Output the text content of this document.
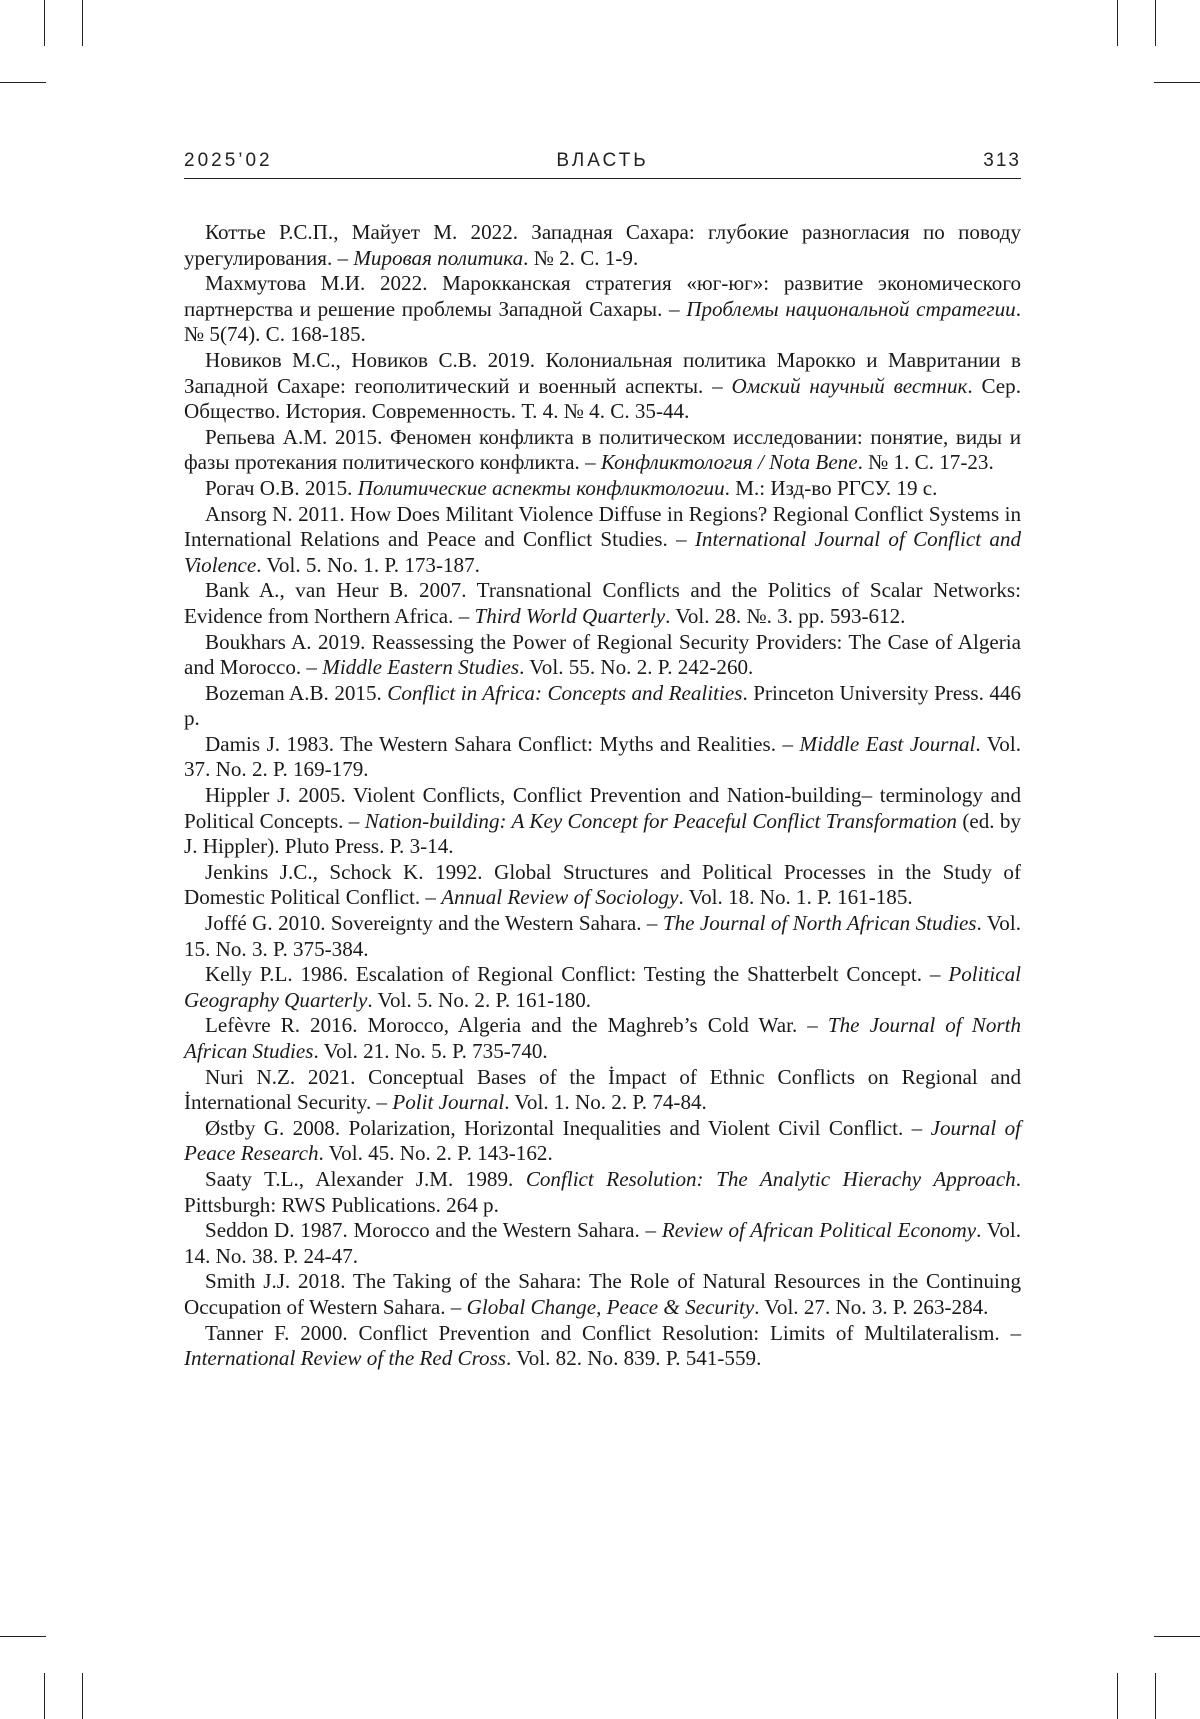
2025’02	ВЛАСТЬ	313

Коттье Р.С.П., Майует М. 2022. Западная Сахара: глубокие разногласия по поводу урегулирования. – Мировая политика. № 2. С. 1-9.

Махмутова М.И. 2022. Марокканская стратегия «юг-юг»: развитие экономического партнерства и решение проблемы Западной Сахары. – Проблемы национальной стратегии. № 5(74). С. 168-185.

Новиков М.С., Новиков С.В. 2019. Колониальная политика Марокко и Мавритании в Западной Сахаре: геополитический и военный аспекты. – Омский научный вестник. Сер. Общество. История. Современность. Т. 4. № 4. С. 35-44.

Репьева А.М. 2015. Феномен конфликта в политическом исследовании: понятие, виды и фазы протекания политического конфликта. – Конфликтология / Nota Bene. № 1. С. 17-23.

Рогач О.В. 2015. Политические аспекты конфликтологии. М.: Изд-во РГСУ. 19 с.

Ansorg N. 2011. How Does Militant Violence Diffuse in Regions? Regional Conflict Systems in International Relations and Peace and Conflict Studies. – International Journal of Conflict and Violence. Vol. 5. No. 1. P. 173-187.

Bank A., van Heur B. 2007. Transnational Conflicts and the Politics of Scalar Networks: Evidence from Northern Africa. – Third World Quarterly. Vol. 28. №. 3. pp. 593-612.

Boukhars A. 2019. Reassessing the Power of Regional Security Providers: The Case of Algeria and Morocco. – Middle Eastern Studies. Vol. 55. No. 2. P. 242-260.

Bozeman A.B. 2015. Conflict in Africa: Concepts and Realities. Princeton University Press. 446 p.

Damis J. 1983. The Western Sahara Conflict: Myths and Realities. – Middle East Journal. Vol. 37. No. 2. P. 169-179.

Hippler J. 2005. Violent Conflicts, Conflict Prevention and Nation-building– terminology and Political Concepts. – Nation-building: A Key Concept for Peaceful Conflict Transformation (ed. by J. Hippler). Pluto Press. P. 3-14.

Jenkins J.C., Schock K. 1992. Global Structures and Political Processes in the Study of Domestic Political Conflict. – Annual Review of Sociology. Vol. 18. No. 1. P. 161-185.

Joffé G. 2010. Sovereignty and the Western Sahara. – The Journal of North African Studies. Vol. 15. No. 3. P. 375-384.

Kelly P.L. 1986. Escalation of Regional Conflict: Testing the Shatterbelt Concept. – Political Geography Quarterly. Vol. 5. No. 2. P. 161-180.

Lefèvre R. 2016. Morocco, Algeria and the Maghreb’s Cold War. – The Journal of North African Studies. Vol. 21. No. 5. P. 735-740.

Nuri N.Z. 2021. Conceptual Bases of the İmpact of Ethnic Conflicts on Regional and İnternational Security. – Polit Journal. Vol. 1. No. 2. P. 74-84.

Østby G. 2008. Polarization, Horizontal Inequalities and Violent Civil Conflict. – Journal of Peace Research. Vol. 45. No. 2. P. 143-162.

Saaty T.L., Alexander J.M. 1989. Conflict Resolution: The Analytic Hierachy Approach. Pittsburgh: RWS Publications. 264 p.

Seddon D. 1987. Morocco and the Western Sahara. – Review of African Political Economy. Vol. 14. No. 38. P. 24-47.

Smith J.J. 2018. The Taking of the Sahara: The Role of Natural Resources in the Continuing Occupation of Western Sahara. – Global Change, Peace & Security. Vol. 27. No. 3. P. 263-284.

Tanner F. 2000. Conflict Prevention and Conflict Resolution: Limits of Multilateralism. – International Review of the Red Cross. Vol. 82. No. 839. P. 541-559.
